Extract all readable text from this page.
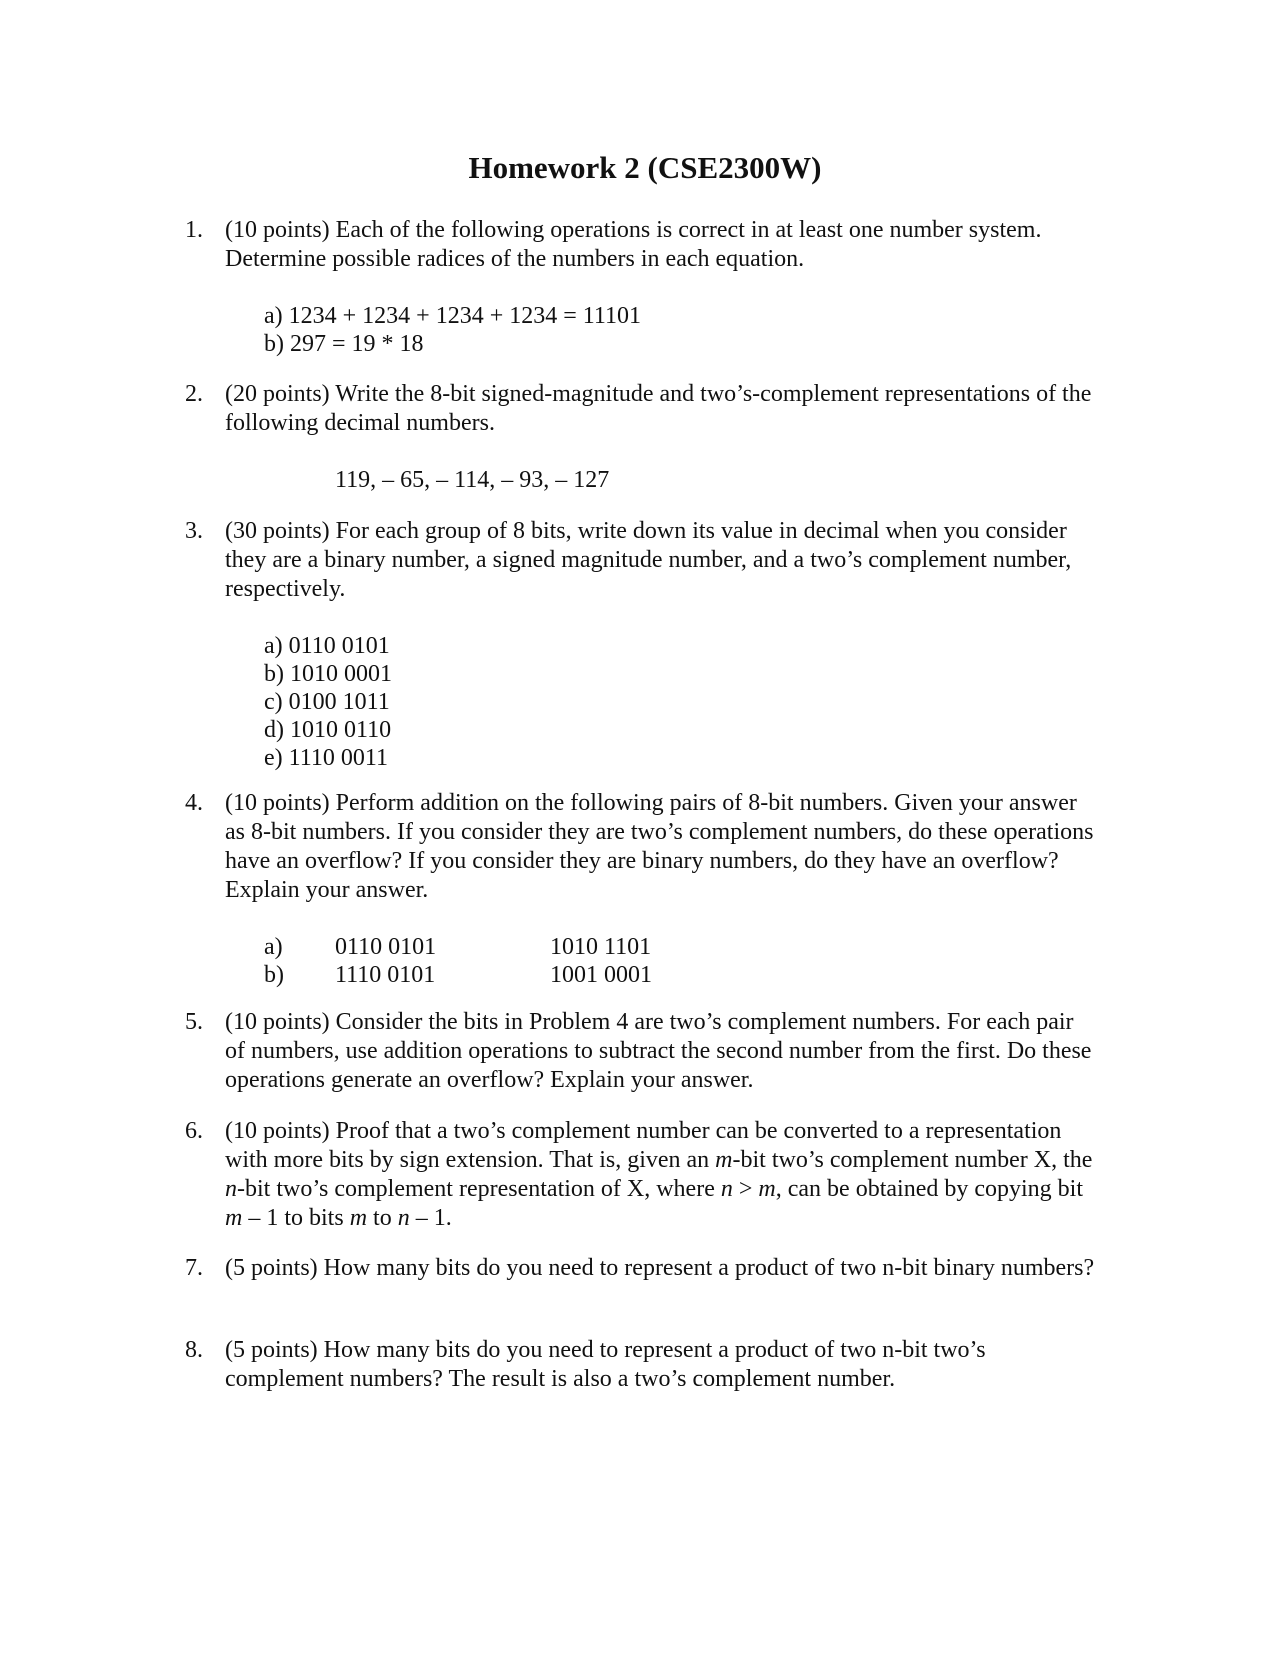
Homework 2 (CSE2300W)
1. (10 points) Each of the following operations is correct in at least one number system. Determine possible radices of the numbers in each equation.

a) 1234 + 1234 + 1234 + 1234 = 11101
b) 297 = 19 * 18
2. (20 points) Write the 8-bit signed-magnitude and two’s-complement representations of the following decimal numbers.

119, – 65, – 114, – 93, – 127
3. (30 points) For each group of 8 bits, write down its value in decimal when you consider they are a binary number, a signed magnitude number, and a two’s complement number, respectively.

a) 0110 0101
b) 1010 0001
c) 0100 1011
d) 1010 0110
e) 1110 0011
4. (10 points) Perform addition on the following pairs of 8-bit numbers. Given your answer as 8-bit numbers. If you consider they are two’s complement numbers, do these operations have an overflow? If you consider they are binary numbers, do they have an overflow? Explain your answer.

a) 0110 0101	1010 1101
b) 1110 0101	1001 0001
5. (10 points) Consider the bits in Problem 4 are two’s complement numbers. For each pair of numbers, use addition operations to subtract the second number from the first. Do these operations generate an overflow? Explain your answer.

6. (10 points) Proof that a two’s complement number can be converted to a representation with more bits by sign extension. That is, given an m-bit two’s complement number X, the n-bit two’s complement representation of X, where n > m, can be obtained by copying bit m – 1 to bits m to n – 1.

7. (5 points) How many bits do you need to represent a product of two n-bit binary numbers?

8. (5 points) How many bits do you need to represent a product of two n-bit two’s complement numbers? The result is also a two’s complement number.
